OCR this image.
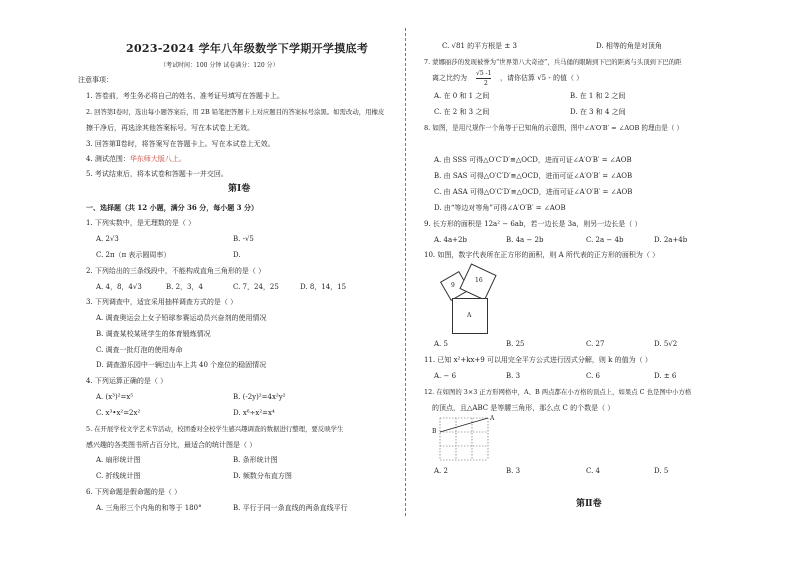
2023-2024 学年八年级数学下学期开学摸底考
（考试时间：100 分钟 试卷满分：120 分）
注意事项：
1. 答卷前，考生务必将自己的姓名、准考证号填写在答题卡上。
2. 回答第Ⅰ卷时，选出每小题答案后，用 2B 铅笔把答题卡上对应题目的答案标号涂黑。如需改动，用橡皮
擦干净后，再选涂其他答案标号。写在本试卷上无效。
3. 回答第Ⅱ卷时，将答案写在答题卡上。写在本试卷上无效。
4. 测试范围：华东师大版八上。
5. 考试结束后，将本试卷和答题卡一并交回。
第Ⅰ卷
一、选择题（共 12 小题，满分 36 分，每小题 3 分）
1. 下列实数中，是无理数的是（ ）
A. 2√3	B. -√5
C. 2π（π 表示圆周率）	D.
2. 下列给出的三条线段中，不能构成直角三角形的是（ ）
A. 4，8，4√3	B. 2，3，4	C. 7，24，25	D. 8，14，15
3. 下列调查中，适宜采用抽样调查方式的是（ ）
A. 调查奥运会上女子铅球参赛运动员兴奋剂的使用情况
B. 调查某校某班学生的体育锻炼情况
C. 调查一批灯泡的使用寿命
D. 调查游乐园中一辆过山车上共 40 个座位的稳固情况
4. 下列运算正确的是（ ）
A. (x³)²=x⁵	B. (-2y)²=4x²y²
C. x³•x²=2x²	D. x⁶÷x²=x⁴
5. 在开展学校文学艺术节活动，校团委对全校学生感兴趣调查的数据进行整理，要反映学生
感兴趣的各类图书所占百分比，最适合的统计图是（ ）
A. 扇形统计图	B. 条形统计图
C. 折线统计图	D. 频数分布直方图
6. 下列命题是假命题的是（ ）
A. 三角形三个内角的和等于 180°	B. 平行于同一条直线的两条直线平行
C. √81 的平方根是 ± 3	D. 相等的角是对顶角
7. 蒙娜丽莎的发现被誉为“世界第八大奇迹”，兵马俑的眼睛到下巴的距离与头顶到下巴的距
离之比约为
√5 -1
2
，请你估算 √5 - 的值（ ）
A. 在 0 和 1 之间	B. 在 1 和 2 之间
C. 在 2 和 3 之间	D. 在 3 和 4 之间
8. 如图，是用尺规作一个角等于已知角的示意图，图中∠A′O′B′ = ∠AOB 的理由是（ ）
A. 由 SSS 可得△O′C′D′≌△OCD，进而可证∠A′O′B′ = ∠AOB
B. 由 SAS 可得△O′C′D′≌△OCD，进而可证∠A′O′B′ = ∠AOB
C. 由 ASA 可得△O′C′D′≌△OCD，进而可证∠A′O′B′ = ∠AOB
D. 由“等边对等角”可得∠A′O′B′ = ∠AOB
9. 长方形的面积是 12a² − 6ab，若一边长是 3a，则另一边长是（ ）
A. 4a+2b	B. 4a − 2b	C. 2a − 4b	D. 2a+4b
10. 如图，数字代表所在正方形的面积，则 A 所代表的正方形的面积为（ ）
9
16
A
A. 5	B. 25	C. 27	D. 5√2
11. 已知 x²+kx+9 可以用完全平方公式进行因式分解，则 k 的值为（ ）
A. − 6	B. 3	C. 6	D. ± 6
12. 在如图的 3×3 正方形网格中，A、B 两点都在小方格的顶点上，如果点 C 也是图中小方格
的顶点，且△ABC 是等腰三角形，那么点 C 的个数是（ ）
B
A
A. 2	B. 3	C. 4	D. 5
第Ⅱ卷
